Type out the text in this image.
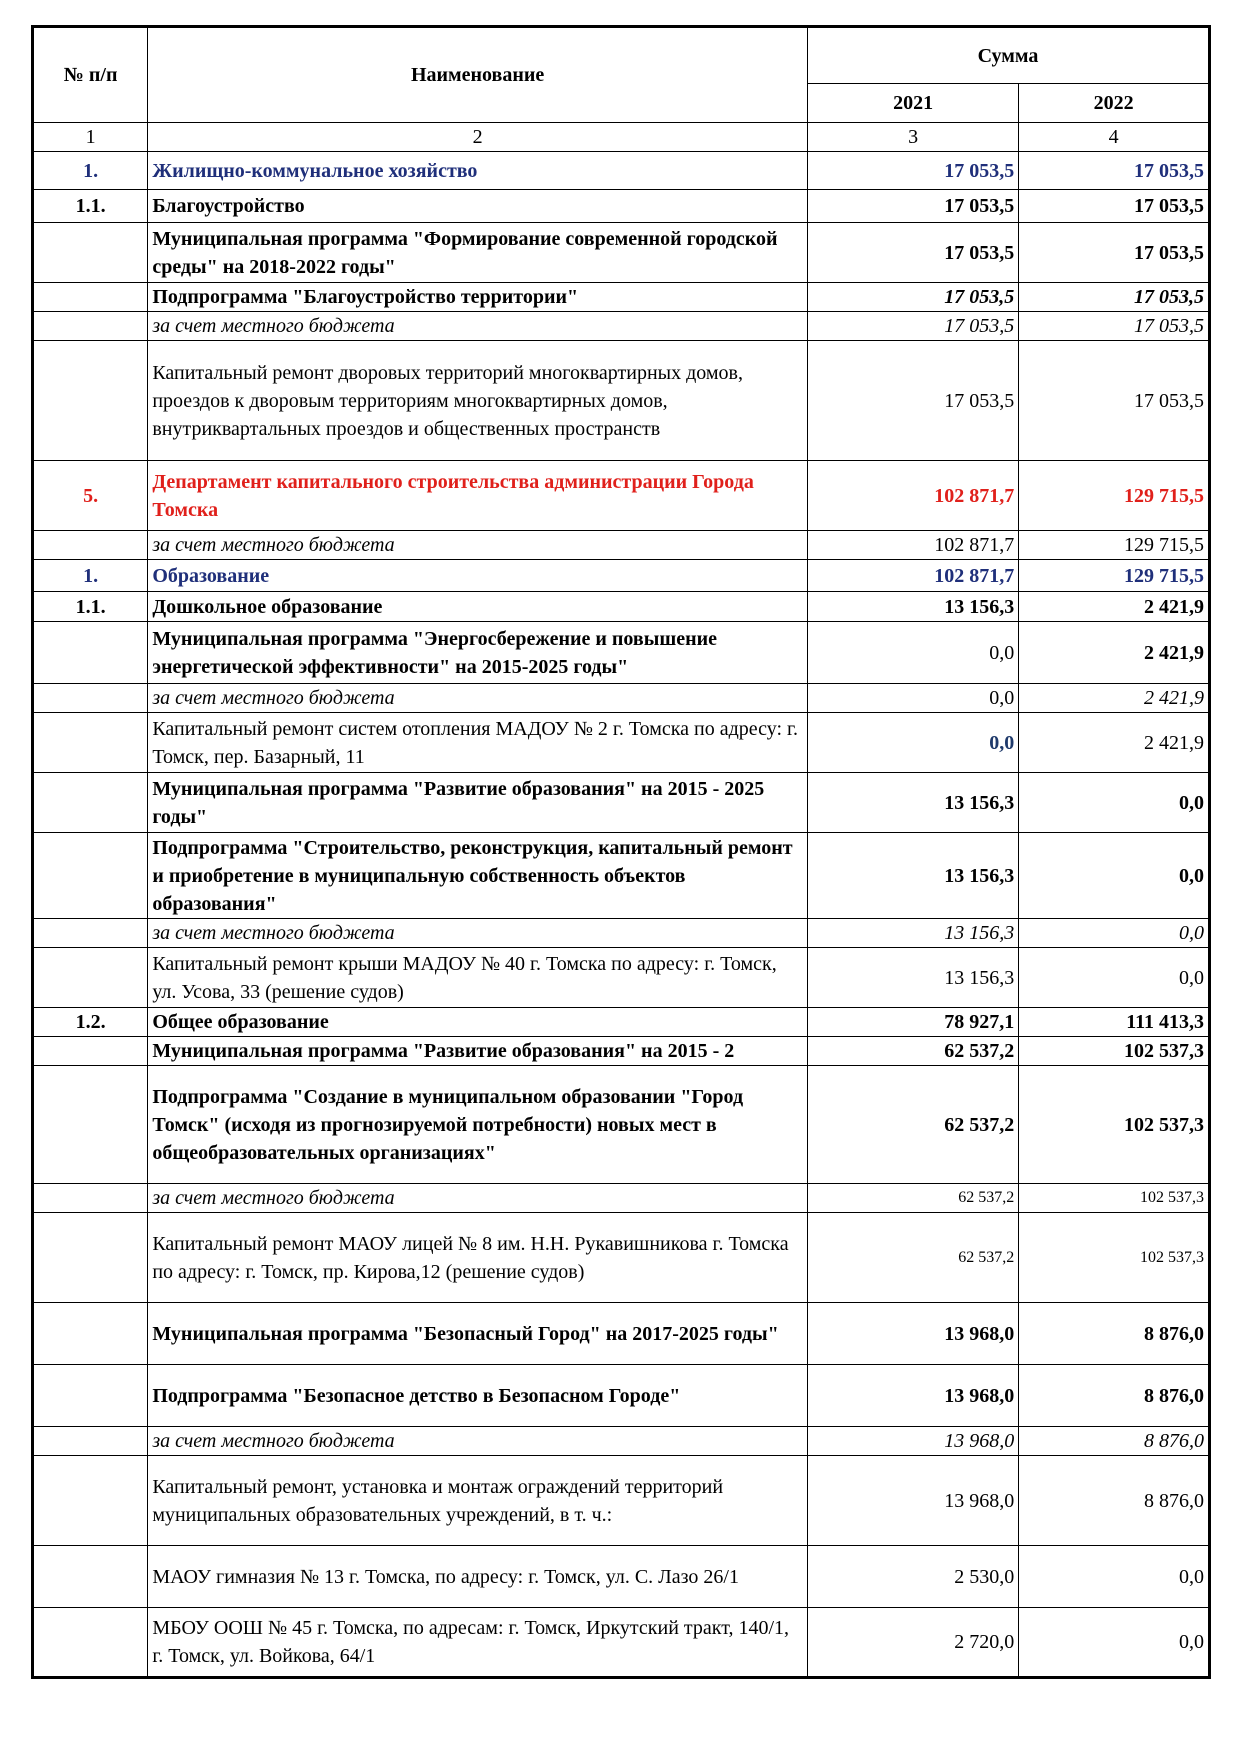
№ п/п	Наименование	Сумма	
		2021	2022
1	2	3	4
1.	Жилищно-коммунальное хозяйство	17 053,5	17 053,5
1.1.	Благоустройство	17 053,5	17 053,5
	Муниципальная программа "Формирование современной городской среды" на 2018-2022 годы"	17 053,5	17 053,5
	Подпрограмма "Благоустройство территории"	17 053,5	17 053,5
	за счет местного бюджета	17 053,5	17 053,5
	Капитальный ремонт дворовых территорий многоквартирных домов, проездов к дворовым территориям многоквартирных домов, внутриквартальных проездов и общественных пространств	17 053,5	17 053,5
5.	Департамент капитального строительства администрации Города Томска	102 871,7	129 715,5
	за счет местного бюджета	102 871,7	129 715,5
1.	Образование	102 871,7	129 715,5
1.1.	Дошкольное образование	13 156,3	2 421,9
	Муниципальная программа "Энергосбережение и повышение энергетической эффективности" на 2015-2025 годы"	0,0	2 421,9
	за счет местного бюджета	0,0	2 421,9
	Капитальный ремонт систем отопления МАДОУ № 2 г. Томска по адресу: г. Томск, пер. Базарный, 11	0,0	2 421,9
	Муниципальная программа "Развитие образования" на 2015 - 2025 годы"	13 156,3	0,0
	Подпрограмма "Строительство, реконструкция, капитальный ремонт и приобретение в муниципальную собственность объектов образования"	13 156,3	0,0
	за счет местного бюджета	13 156,3	0,0
	Капитальный ремонт крыши МАДОУ № 40 г. Томска по адресу: г. Томск, ул. Усова, 33 (решение судов)	13 156,3	0,0
1.2.	Общее образование	78 927,1	111 413,3
	Муниципальная программа "Развитие образования" на 2015 - 2	62 537,2	102 537,3
	Подпрограмма "Создание в муниципальном образовании "Город Томск" (исходя из прогнозируемой потребности) новых мест в общеобразовательных организациях"	62 537,2	102 537,3
	за счет местного бюджета	62 537,2	102 537,3
	Капитальный ремонт МАОУ лицей № 8 им. Н.Н. Рукавишникова г. Томска по адресу: г. Томск, пр. Кирова,12 (решение судов)	62 537,2	102 537,3
	Муниципальная программа "Безопасный Город" на 2017-2025 годы"	13 968,0	8 876,0
	Подпрограмма "Безопасное детство в Безопасном Городе"	13 968,0	8 876,0
	за счет местного бюджета	13 968,0	8 876,0
	Капитальный ремонт, установка и монтаж ограждений территорий муниципальных образовательных учреждений, в т. ч.:	13 968,0	8 876,0
	МАОУ гимназия № 13 г. Томска, по адресу: г. Томск, ул. С. Лазо 26/1	2 530,0	0,0
	МБОУ ООШ № 45 г. Томска, по адресам: г. Томск, Иркутский тракт, 140/1, г. Томск, ул. Войкова, 64/1	2 720,0	0,0
